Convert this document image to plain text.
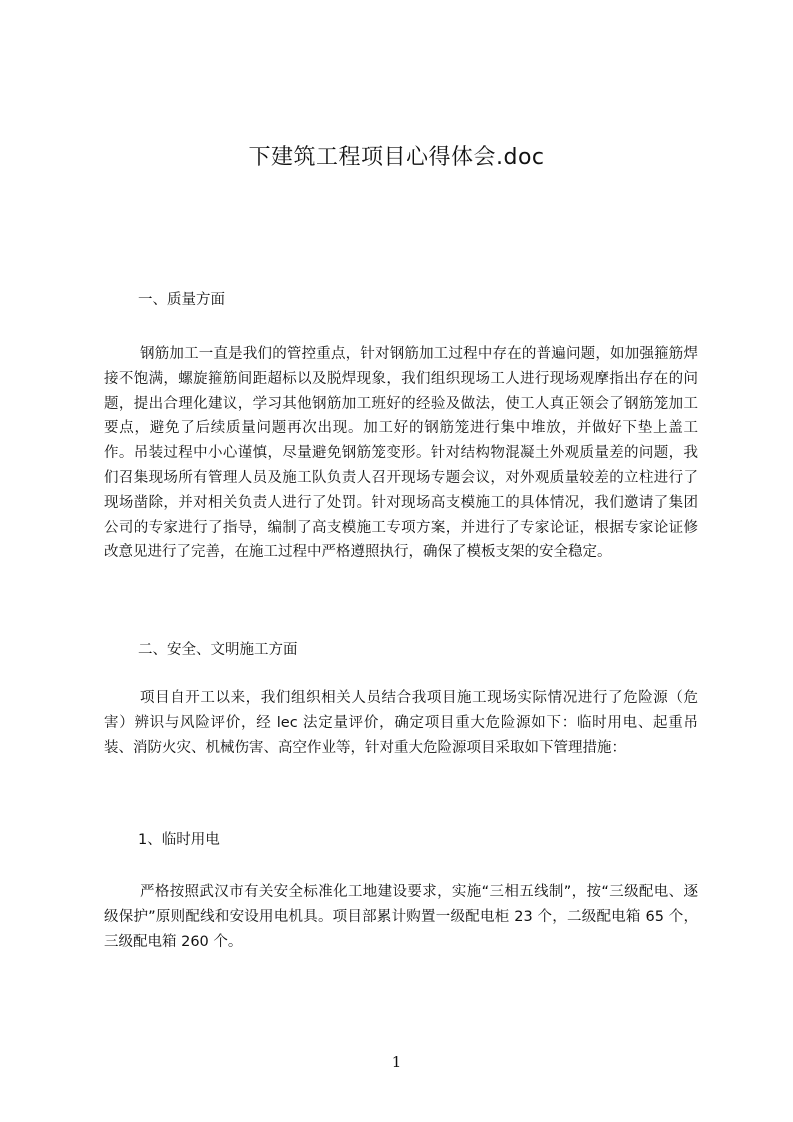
下建筑工程项目心得体会.doc
一、质量方面

钢筋加工一直是我们的管控重点，针对钢筋加工过程中存在的普遍问题，如加强箍筋焊接不饱满，螺旋箍筋间距超标以及脱焊现象，我们组织现场工人进行现场观摩指出存在的问题，提出合理化建议，学习其他钢筋加工班好的经验及做法，使工人真正领会了钢筋笼加工要点，避免了后续质量问题再次出现。加工好的钢筋笼进行集中堆放，并做好下垫上盖工作。吊装过程中小心谨慎，尽量避免钢筋笼变形。针对结构物混凝土外观质量差的问题，我们召集现场所有管理人员及施工队负责人召开现场专题会议，对外观质量较差的立柱进行了现场凿除，并对相关负责人进行了处罚。针对现场高支模施工的具体情况，我们邀请了集团公司的专家进行了指导，编制了高支模施工专项方案，并进行了专家论证，根据专家论证修改意见进行了完善，在施工过程中严格遵照执行，确保了模板支架的安全稳定。

二、安全、文明施工方面

项目自开工以来，我们组织相关人员结合我项目施工现场实际情况进行了危险源（危害）辨识与风险评价，经 lec 法定量评价，确定项目重大危险源如下：临时用电、起重吊装、消防火灾、机械伤害、高空作业等，针对重大危险源项目采取如下管理措施：

1、临时用电

严格按照武汉市有关安全标准化工地建设要求，实施“三相五线制”，按“三级配电、逐级保护”原则配线和安设用电机具。项目部累计购置一级配电柜 23 个，二级配电箱 65 个，三级配电箱 260 个。

1
